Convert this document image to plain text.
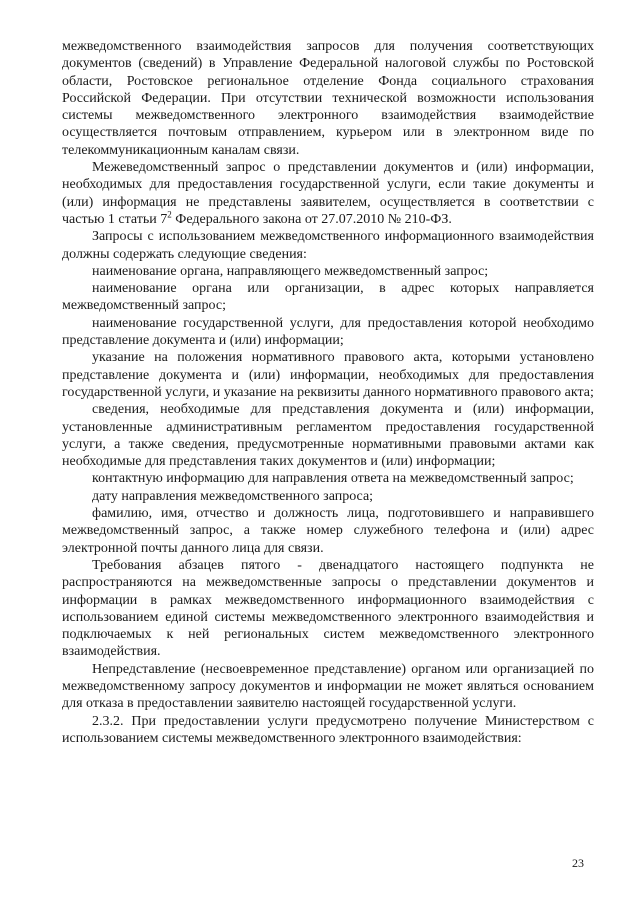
межведомственного взаимодействия запросов для получения соответствующих документов (сведений) в Управление Федеральной налоговой службы по Ростовской области, Ростовское региональное отделение Фонда социального страхования Российской Федерации. При отсутствии технической возможности использования системы межведомственного электронного взаимодействия взаимодействие осуществляется почтовым отправлением, курьером или в электронном виде по телекоммуникационным каналам связи.

Межеведомственный запрос о представлении документов и (или) информации, необходимых для предоставления государственной услуги, если такие документы и (или) информация не представлены заявителем, осуществляется в соответствии с частью 1 статьи $7^2$ Федерального закона от 27.07.2010 № 210-ФЗ.

Запросы с использованием межведомственного информационного взаимодействия должны содержать следующие сведения:

наименование органа, направляющего межведомственный запрос;

наименование органа или организации, в адрес которых направляется межведомственный запрос;

наименование государственной услуги, для предоставления которой необходимо представление документа и (или) информации;

указание на положения нормативного правового акта, которыми установлено представление документа и (или) информации, необходимых для предоставления государственной услуги, и указание на реквизиты данного нормативного правового акта;

сведения, необходимые для представления документа и (или) информации, установленные административным регламентом предоставления государственной услуги, а также сведения, предусмотренные нормативными правовыми актами как необходимые для представления таких документов и (или) информации;

контактную информацию для направления ответа на межведомственный запрос;

дату направления межведомственного запроса;

фамилию, имя, отчество и должность лица, подготовившего и направившего межведомственный запрос, а также номер служебного телефона и (или) адрес электронной почты данного лица для связи.

Требования абзацев пятого - двенадцатого настоящего подпункта не распространяются на межведомственные запросы о представлении документов и информации в рамках межведомственного информационного взаимодействия с использованием единой системы межведомственного электронного взаимодействия и подключаемых к ней региональных систем межведомственного электронного взаимодействия.

Непредставление (несвоевременное представление) органом или организацией по межведомственному запросу документов и информации не может являться основанием для отказа в предоставлении заявителю настоящей государственной услуги.

2.3.2. При предоставлении услуги предусмотрено получение Министерством с использованием системы межведомственного электронного взаимодействия:

23
